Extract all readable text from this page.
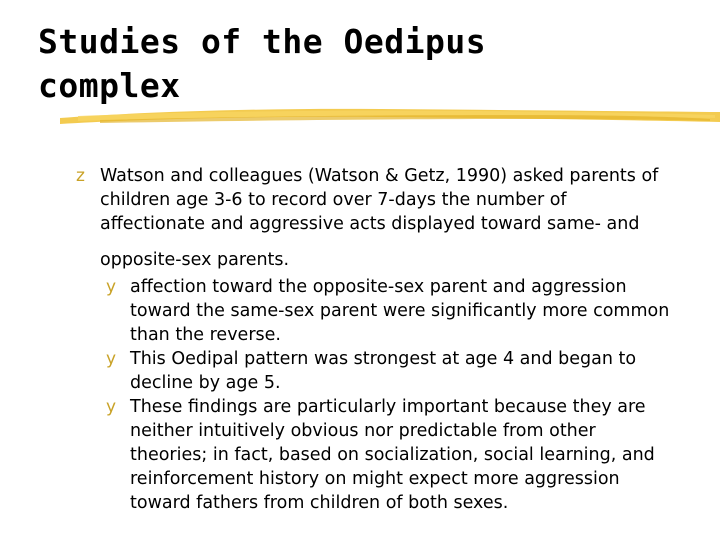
Studies of the Oedipus
complex
z Watson and colleagues (Watson & Getz, 1990) asked parents of children age 3-6 to record over 7-days the number of affectionate and aggressive acts displayed toward same- and
opposite-sex parents.
y affection toward the opposite-sex parent and aggression toward the same-sex parent were significantly more common than the reverse.
y This Oedipal pattern was strongest at age 4 and began to decline by age 5.
y These findings are particularly important because they are neither intuitively obvious nor predictable from other theories; in fact, based on socialization, social learning, and reinforcement history on might expect more aggression toward fathers from children of both sexes.
